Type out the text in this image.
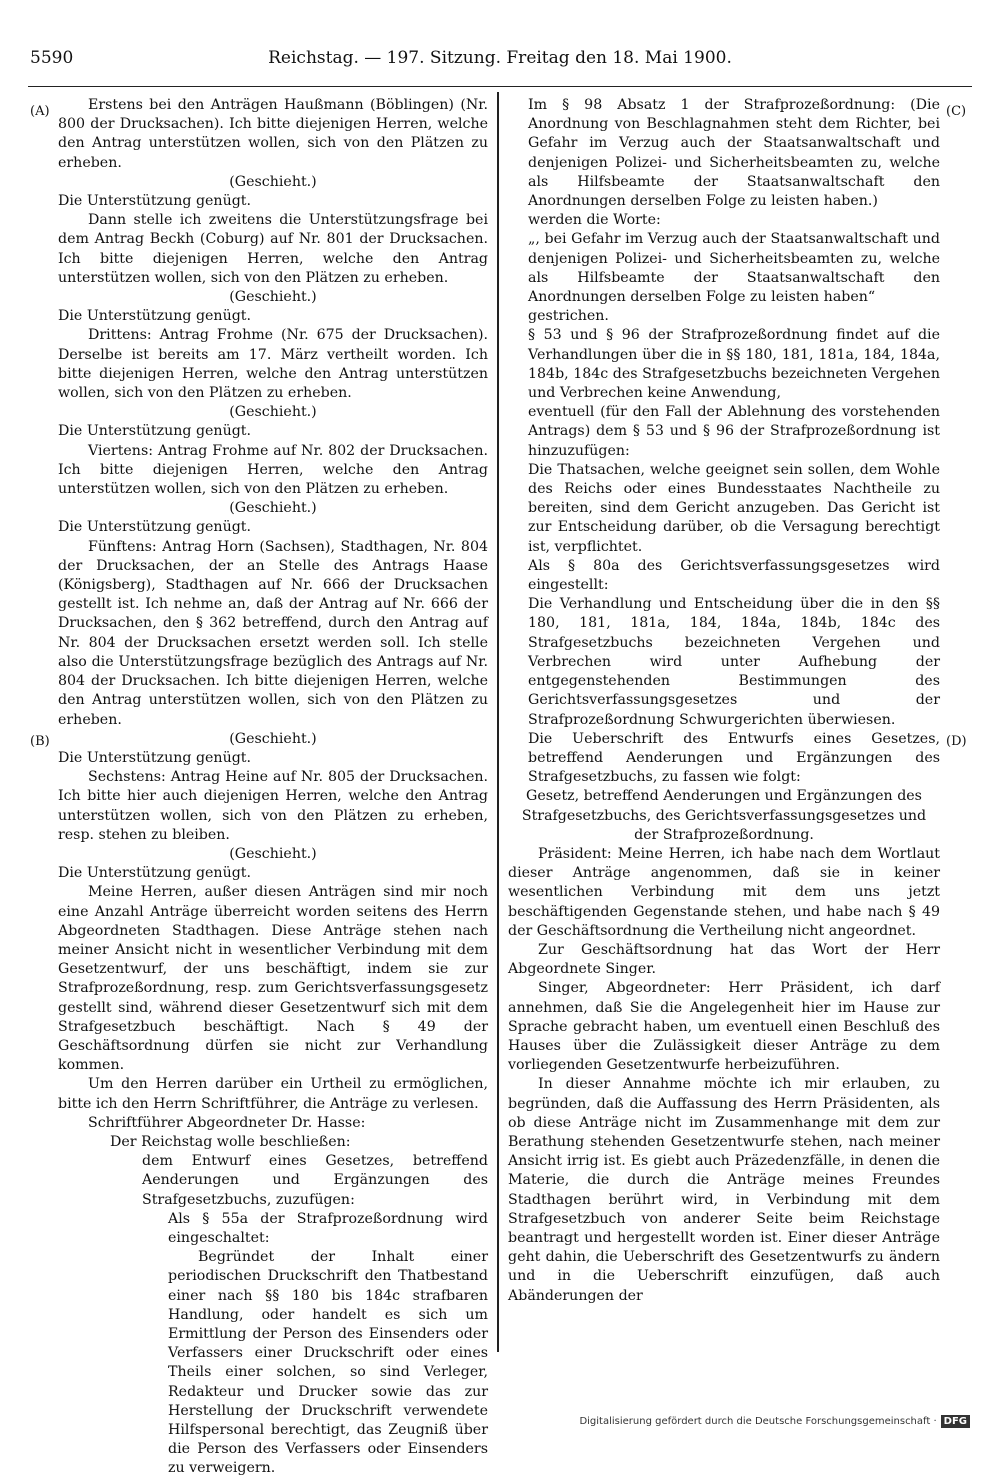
5590	Reichstag. — 197. Sitzung. Freitag den 18. Mai 1900.
(A)
(B)
(C)
(D)

Erstens bei den Anträgen Haußmann (Böblingen) (Nr. 800 der Drucksachen). Ich bitte diejenigen Herren, welche den Antrag unterstützen wollen, sich von den Plätzen zu erheben.

(Geschieht.)

Die Unterstützung genügt.

Dann stelle ich zweitens die Unterstützungsfrage bei dem Antrag Beckh (Coburg) auf Nr. 801 der Drucksachen. Ich bitte diejenigen Herren, welche den Antrag unterstützen wollen, sich von den Plätzen zu erheben.

(Geschieht.)

Die Unterstützung genügt.

Drittens: Antrag Frohme (Nr. 675 der Drucksachen). Derselbe ist bereits am 17. März vertheilt worden. Ich bitte diejenigen Herren, welche den Antrag unterstützen wollen, sich von den Plätzen zu erheben.

(Geschieht.)

Die Unterstützung genügt.

Viertens: Antrag Frohme auf Nr. 802 der Drucksachen. Ich bitte diejenigen Herren, welche den Antrag unterstützen wollen, sich von den Plätzen zu erheben.

(Geschieht.)

Die Unterstützung genügt.

Fünftens: Antrag Horn (Sachsen), Stadthagen, Nr. 804 der Drucksachen, der an Stelle des Antrags Haase (Königsberg), Stadthagen auf Nr. 666 der Drucksachen gestellt ist. Ich nehme an, daß der Antrag auf Nr. 666 der Drucksachen, den § 362 betreffend, durch den Antrag auf Nr. 804 der Drucksachen ersetzt werden soll. Ich stelle also die Unterstützungsfrage bezüglich des Antrags auf Nr. 804 der Drucksachen. Ich bitte diejenigen Herren, welche den Antrag unterstützen wollen, sich von den Plätzen zu erheben.

(Geschieht.)

Die Unterstützung genügt.

Sechstens: Antrag Heine auf Nr. 805 der Drucksachen. Ich bitte hier auch diejenigen Herren, welche den Antrag unterstützen wollen, sich von den Plätzen zu erheben, resp. stehen zu bleiben.

(Geschieht.)

Die Unterstützung genügt.

Meine Herren, außer diesen Anträgen sind mir noch eine Anzahl Anträge überreicht worden seitens des Herrn Abgeordneten Stadthagen. Diese Anträge stehen nach meiner Ansicht nicht in wesentlicher Verbindung mit dem Gesetzentwurf, der uns beschäftigt, indem sie zur Strafprozeßordnung, resp. zum Gerichtsverfassungsgesetz gestellt sind, während dieser Gesetzentwurf sich mit dem Strafgesetzbuch beschäftigt. Nach § 49 der Geschäftsordnung dürfen sie nicht zur Verhandlung kommen.

Um den Herren darüber ein Urtheil zu ermöglichen, bitte ich den Herrn Schriftführer, die Anträge zu verlesen.

Schriftführer Abgeordneter Dr. Hasse:

Der Reichstag wolle beschließen:

dem Entwurf eines Gesetzes, betreffend Aenderungen und Ergänzungen des Strafgesetzbuchs, zuzufügen:

Als § 55a der Strafprozeßordnung wird eingeschaltet:

Begründet der Inhalt einer periodischen Druckschrift den Thatbestand einer nach §§ 180 bis 184c strafbaren Handlung, oder handelt es sich um Ermittlung der Person des Einsenders oder Verfassers einer Druckschrift oder eines Theils einer solchen, so sind Verleger, Redakteur und Drucker sowie das zur Herstellung der Druckschrift verwendete Hilfspersonal berechtigt, das Zeugniß über die Person des Verfassers oder Einsenders zu verweigern.

Im § 98 Absatz 1 der Strafprozeßordnung: (Die Anordnung von Beschlagnahmen steht dem Richter, bei Gefahr im Verzug auch der Staatsanwaltschaft und denjenigen Polizei- und Sicherheitsbeamten zu, welche als Hilfsbeamte der Staatsanwaltschaft den Anordnungen derselben Folge zu leisten haben.)

werden die Worte:

„, bei Gefahr im Verzug auch der Staatsanwaltschaft und denjenigen Polizei- und Sicherheitsbeamten zu, welche als Hilfsbeamte der Staatsanwaltschaft den Anordnungen derselben Folge zu leisten haben“

gestrichen.

§ 53 und § 96 der Strafprozeßordnung findet auf die Verhandlungen über die in §§ 180, 181, 181a, 184, 184a, 184b, 184c des Strafgesetzbuchs bezeichneten Vergehen und Verbrechen keine Anwendung,

eventuell (für den Fall der Ablehnung des vorstehenden Antrags) dem § 53 und § 96 der Strafprozeßordnung ist hinzuzufügen:

Die Thatsachen, welche geeignet sein sollen, dem Wohle des Reichs oder eines Bundesstaates Nachtheile zu bereiten, sind dem Gericht anzugeben. Das Gericht ist zur Entscheidung darüber, ob die Versagung berechtigt ist, verpflichtet.

Als § 80a des Gerichtsverfassungsgesetzes wird eingestellt:

Die Verhandlung und Entscheidung über die in den §§ 180, 181, 181a, 184, 184a, 184b, 184c des Strafgesetzbuchs bezeichneten Vergehen und Verbrechen wird unter Aufhebung der entgegenstehenden Bestimmungen des Gerichtsverfassungsgesetzes und der Strafprozeßordnung Schwurgerichten überwiesen.

Die Ueberschrift des Entwurfs eines Gesetzes, betreffend Aenderungen und Ergänzungen des Strafgesetzbuchs, zu fassen wie folgt:

Gesetz, betreffend Aenderungen und Ergänzungen des Strafgesetzbuchs, des Gerichtsverfassungsgesetzes und der Strafprozeßordnung.

Präsident: Meine Herren, ich habe nach dem Wortlaut dieser Anträge angenommen, daß sie in keiner wesentlichen Verbindung mit dem uns jetzt beschäftigenden Gegenstande stehen, und habe nach § 49 der Geschäftsordnung die Vertheilung nicht angeordnet.

Zur Geschäftsordnung hat das Wort der Herr Abgeordnete Singer.

Singer, Abgeordneter: Herr Präsident, ich darf annehmen, daß Sie die Angelegenheit hier im Hause zur Sprache gebracht haben, um eventuell einen Beschluß des Hauses über die Zulässigkeit dieser Anträge zu dem vorliegenden Gesetzentwurfe herbeizuführen.

In dieser Annahme möchte ich mir erlauben, zu begründen, daß die Auffassung des Herrn Präsidenten, als ob diese Anträge nicht im Zusammenhange mit dem zur Berathung stehenden Gesetzentwurfe stehen, nach meiner Ansicht irrig ist. Es giebt auch Präzedenzfälle, in denen die Materie, die durch die Anträge meines Freundes Stadthagen berührt wird, in Verbindung mit dem Strafgesetzbuch von anderer Seite beim Reichstage beantragt und hergestellt worden ist. Einer dieser Anträge geht dahin, die Ueberschrift des Gesetzentwurfs zu ändern und in die Ueberschrift einzufügen, daß auch Abänderungen der

Digitalisierung gefördert durch die Deutsche Forschungsgemeinschaft · DFG
